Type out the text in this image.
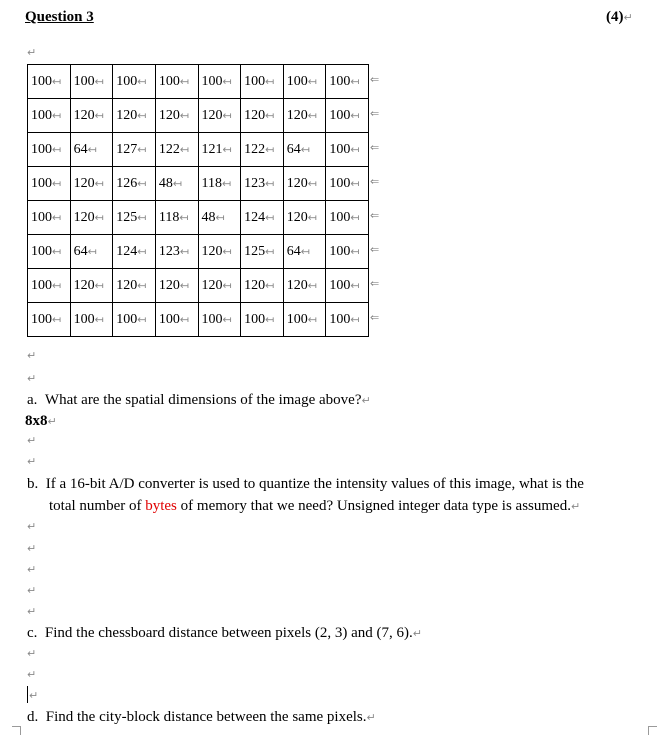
Question 3	(4)↵
↵
100↤	100↤	100↤	100↤	100↤	100↤	100↤	100↤
100↤	120↤	120↤	120↤	120↤	120↤	120↤	100↤
100↤	64↤	127↤	122↤	121↤	122↤	64↤	100↤
100↤	120↤	126↤	48↤	118↤	123↤	120↤	100↤
100↤	120↤	125↤	118↤	48↤	124↤	120↤	100↤
100↤	64↤	124↤	123↤	120↤	125↤	64↤	100↤
100↤	120↤	120↤	120↤	120↤	120↤	120↤	100↤
100↤	100↤	100↤	100↤	100↤	100↤	100↤	100↤
⇐
⇐
⇐
⇐
⇐
⇐
⇐
⇐
↵
↵
a. What are the spatial dimensions of the image above?↵
8x8↵
↵
↵
b. If a 16-bit A/D converter is used to quantize the intensity values of this image, what is the
total number of bytes of memory that we need? Unsigned integer data type is assumed.↵
↵
↵
↵
↵
↵
c. Find the chessboard distance between pixels (2, 3) and (7, 6).↵
↵
↵
↵
d. Find the city-block distance between the same pixels.↵
